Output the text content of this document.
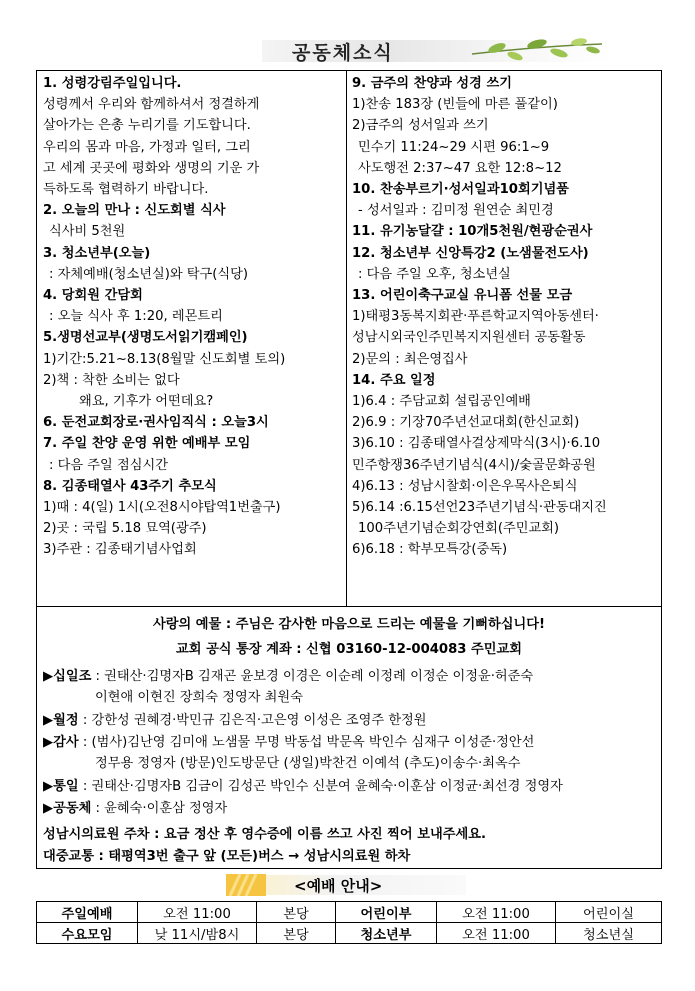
공동체소식
1. 성령강림주일입니다.
성령께서 우리와 함께하셔서 정결하게
살아가는 은총 누리기를 기도합니다.
우리의 몸과 마음, 가정과 일터, 그리
고 세계 곳곳에 평화와 생명의 기운 가
득하도록 협력하기 바랍니다.
2. 오늘의 만나 : 신도회별 식사
식사비 5천원
3. 청소년부(오늘)
: 자체예배(청소년실)와 탁구(식당)
4. 당회원 간담회
: 오늘 식사 후 1:20, 레몬트리
5.생명선교부(생명도서읽기캠페인)
1)기간:5.21~8.13(8월말 신도회별 토의)
2)책 : 착한 소비는 없다
왜요, 기후가 어떤데요?
6. 둔전교회장로·권사임직식 : 오늘3시
7. 주일 찬양 운영 위한 예배부 모임
: 다음 주일 점심시간
8. 김종태열사 43주기 추모식
1)때 : 4(일) 1시(오전8시야탑역1번출구)
2)곳 : 국립 5.18 묘역(광주)
3)주관 : 김종태기념사업회
9. 금주의 찬양과 성경 쓰기
1)찬송 183장 (빈들에 마른 풀같이)
2)금주의 성서일과 쓰기
민수기 11:24~29 시편 96:1~9
사도행전 2:37~47 요한 12:8~12
10. 찬송부르기·성서일과10회기념품
- 성서일과 : 김미정 원연순 최민경
11. 유기농달걀 : 10개5천원/현광순권사
12. 청소년부 신앙특강2 (노샘물전도사)
: 다음 주일 오후, 청소년실
13. 어린이축구교실 유니폼 선물 모금
1)태평3동복지회관·푸른학교지역아동센터·
성남시외국인주민복지지원센터 공동활동
2)문의 : 최은영집사
14. 주요 일정
1)6.4 : 주담교회 설립공인예배
2)6.9 : 기장70주년선교대회(한신교회)
3)6.10 : 김종태열사걸상제막식(3시)·6.10
민주항쟁36주년기념식(4시)/숯골문화공원
4)6.13 : 성남시찰회·이은우목사은퇴식
5)6.14 :6.15선언23주년기념식·관동대지진
100주년기념순회강연회(주민교회)
6)6.18 : 학부모특강(중독)
사랑의 예물 : 주님은 감사한 마음으로 드리는 예물을 기뻐하십니다!
교회 공식 통장 계좌 : 신협 03160-12-004083 주민교회
▶십일조 : 권태산·김명자B 김재곤 윤보경 이경은 이순례 이정례 이정순 이정윤·허준숙
이현애 이현진 장희숙 정영자 최원숙
▶월정 : 강한성 권혜경·박민규 김은직·고은영 이성은 조영주 한정원
▶감사 : (범사)김난영 김미애 노샘물 무명 박동섭 박문옥 박인수 심재구 이성준·정안선
정무용 정영자 (방문)인도방문단 (생일)박찬건 이예석 (추도)이송수·최옥수
▶통일 : 권태산·김명자B 김금이 김성곤 박인수 신분여 윤혜숙·이훈삼 이정균·최선경 정영자
▶공동체 : 윤혜숙·이훈삼 정영자
성남시의료원 주차 : 요금 정산 후 영수증에 이름 쓰고 사진 찍어 보내주세요.
대중교통 : 태평역3번 출구 앞 (모든)버스 → 성남시의료원 하차
<예배 안내>
주일예배	오전 11:00	본당	어린이부	오전 11:00	어린이실
수요모임	낮 11시/밤8시	본당	청소년부	오전 11:00	청소년실
